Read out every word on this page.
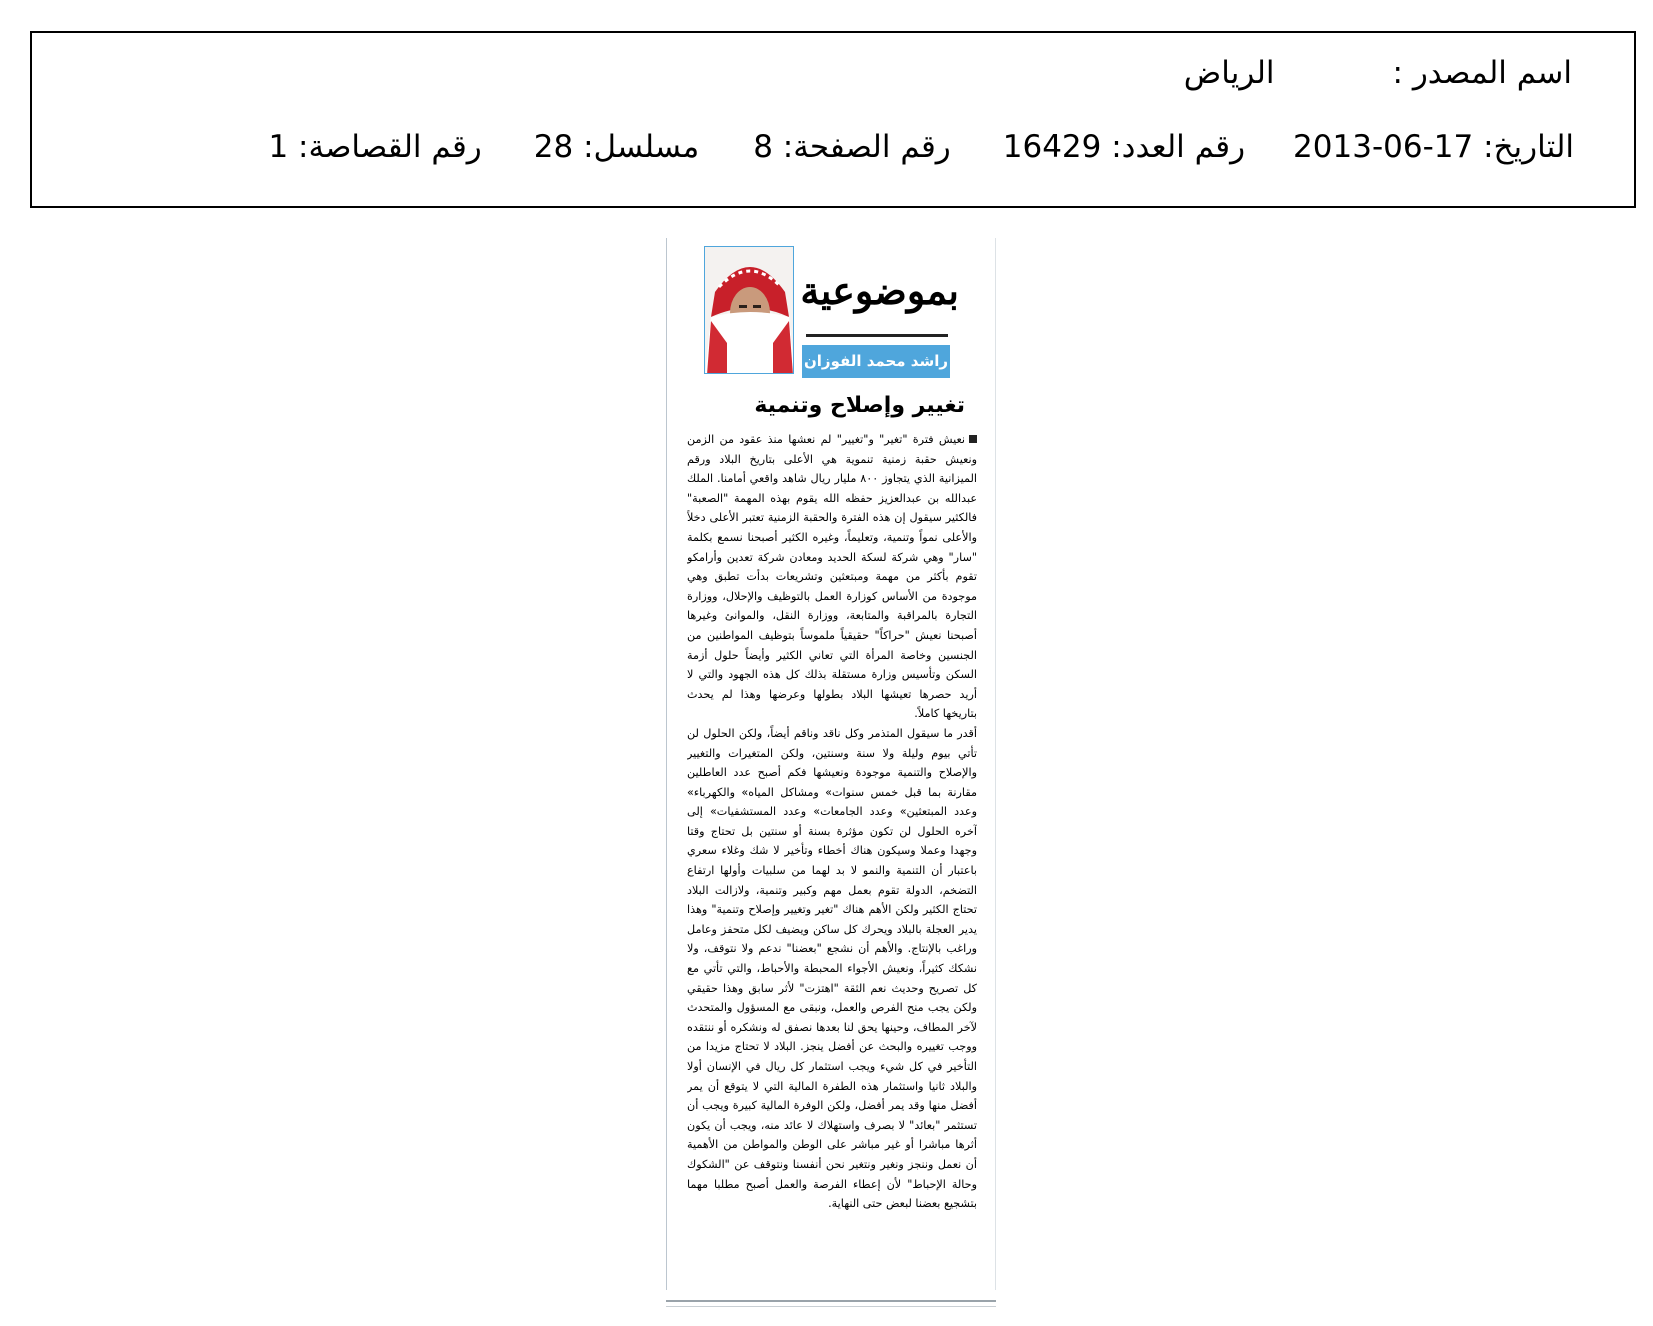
اسم المصدر :الرياض
التاريخ: 17-06-2013رقم العدد: 16429رقم الصفحة: 8مسلسل: 28رقم القصاصة: 1
بموضوعية
راشد محمد الفوزان
تغيير وإصلاح وتنمية

نعيش فترة "تغير" و"تغيير" لم نعشها منذ عقود من الزمن ونعيش حقبة زمنية تنموية هي الأعلى بتاريخ البلاد ورقم الميزانية الذي يتجاوز ٨٠٠ مليار ريال شاهد واقعي أمامنا. الملك عبدالله بن عبدالعزيز حفظه الله يقوم بهذه المهمة "الصعبة" فالكثير سيقول إن هذه الفترة والحقبة الزمنية تعتبر الأعلى دخلاً والأعلى نمواً وتنمية، وتعليماً، وغيره الكثير أصبحنا نسمع بكلمة "سار" وهي شركة لسكة الحديد ومعادن شركة تعدين وأرامكو تقوم بأكثر من مهمة ومبتعثين وتشريعات بدأت تطبق وهي موجودة من الأساس كوزارة العمل بالتوظيف والإحلال، ووزارة التجارة بالمراقبة والمتابعة، ووزارة النقل، والموانئ وغيرها أصبحنا نعيش "حراكاً" حقيقياً ملموساً بتوظيف المواطنين من الجنسين وخاصة المرأة التي تعاني الكثير وأيضاً حلول أزمة السكن وتأسيس وزارة مستقلة بذلك كل هذه الجهود والتي لا أريد حصرها تعيشها البلاد بطولها وعرضها وهذا لم يحدث بتاريخها كاملاً.

أقدر ما سيقول المتذمر وكل ناقد وناقم أيضاً، ولكن الحلول لن تأتي بيوم وليلة ولا سنة وسنتين، ولكن المتغيرات والتغيير والإصلاح والتنمية موجودة ونعيشها فكم أصبح عدد العاطلين مقارنة بما قبل خمس سنوات» ومشاكل المياه» والكهرباء» وعدد المبتعثين» وعدد الجامعات» وعدد المستشفيات» إلى آخره الحلول لن تكون مؤثرة بسنة أو سنتين بل تحتاج وقتا وجهدا وعملا وسيكون هناك أخطاء وتأخير لا شك وغلاء سعري باعتبار أن التنمية والنمو لا بد لهما من سلبيات وأولها ارتفاع التضخم، الدولة تقوم بعمل مهم وكبير وتنمية، ولازالت البلاد تحتاج الكثير ولكن الأهم هناك "تغير وتغيير وإصلاح وتنمية" وهذا يدير العجلة بالبلاد ويحرك كل ساكن ويضيف لكل متحفز وعامل وراغب بالإنتاج. والأهم أن نشجع "بعضنا" ندعم ولا نتوقف، ولا نشكك كثيراً، ونعيش الأجواء المحبطة والأحباط، والتي تأتي مع كل تصريح وحديث نعم الثقة "اهتزت" لأثر سابق وهذا حقيقي ولكن يجب منح الفرص والعمل، ونبقى مع المسؤول والمتحدث لآخر المطاف، وحينها يحق لنا بعدها نصفق له ونشكره أو ننتقده ووجب تغييره والبحث عن أفضل ينجز. البلاد لا تحتاج مزيدا من التأخير في كل شيء ويجب استثمار كل ريال في الإنسان أولا والبلاد ثانيا واستثمار هذه الطفرة المالية التي لا يتوقع أن يمر أفضل منها وقد يمر أفضل، ولكن الوفرة المالية كبيرة ويجب أن تستثمر "بعائد" لا بصرف واستهلاك لا عائد منه، ويجب أن يكون أثرها مباشرا أو غير مباشر على الوطن والمواطن من الأهمية أن نعمل وننجز ونغير ونتغير نحن أنفسنا ونتوقف عن "الشكوك وحالة الإحباط" لأن إعطاء الفرصة والعمل أصبح مطلبا مهما بتشجيع بعضنا لبعض حتى النهاية.
